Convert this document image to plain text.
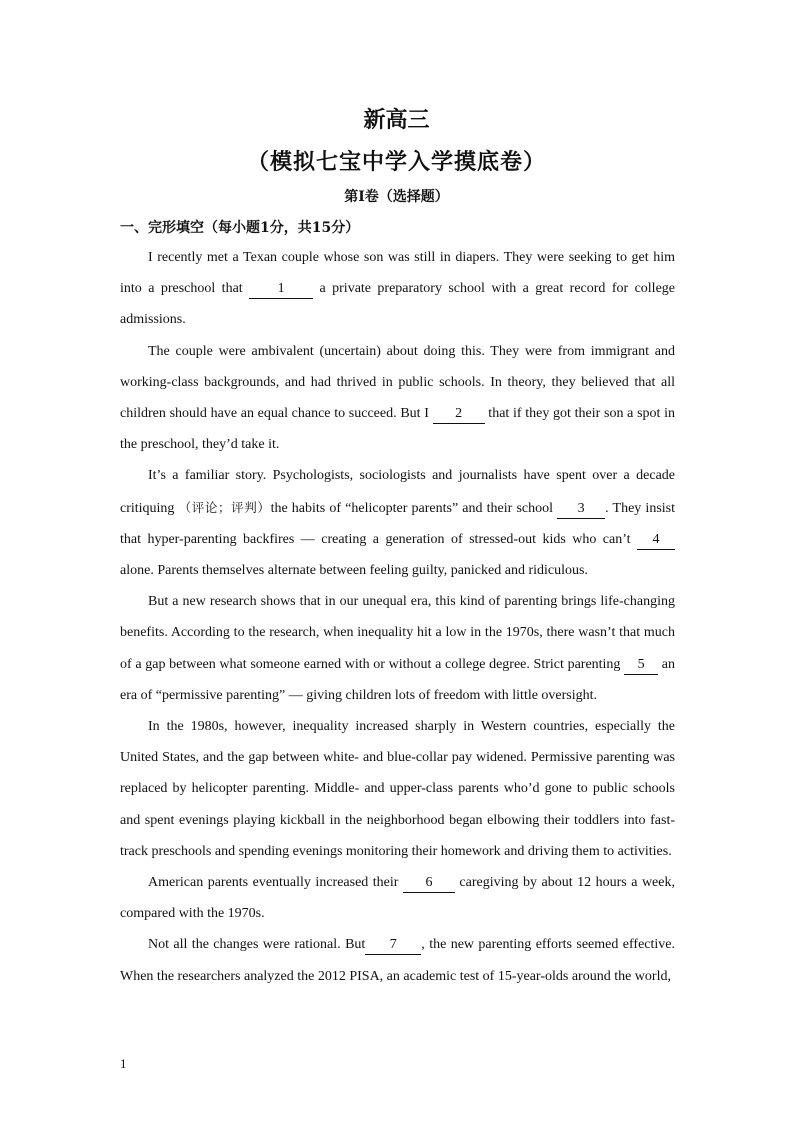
新高三
（模拟七宝中学入学摸底卷）
第I卷（选择题）
一、完形填空（每小题1分，共15分）

I recently met a Texan couple whose son was still in diapers. They were seeking to get him into a preschool that 1 a private preparatory school with a great record for college admissions.

The couple were ambivalent (uncertain) about doing this. They were from immigrant and working-class backgrounds, and had thrived in public schools. In theory, they believed that all children should have an equal chance to succeed. But I 2 that if they got their son a spot in the preschool, they’d take it.

It’s a familiar story. Psychologists, sociologists and journalists have spent over a decade critiquing （评论；评判）the habits of “helicopter parents” and their school 3 . They insist that hyper-parenting backfires — creating a generation of stressed-out kids who can’t 4 alone. Parents themselves alternate between feeling guilty, panicked and ridiculous.

But a new research shows that in our unequal era, this kind of parenting brings life-changing benefits. According to the research, when inequality hit a low in the 1970s, there wasn’t that much of a gap between what someone earned with or without a college degree. Strict parenting 5 an era of “permissive parenting” — giving children lots of freedom with little oversight.

In the 1980s, however, inequality increased sharply in Western countries, especially the United States, and the gap between white- and blue-collar pay widened. Permissive parenting was replaced by helicopter parenting. Middle- and upper-class parents who’d gone to public schools and spent evenings playing kickball in the neighborhood began elbowing their toddlers into fast-track preschools and spending evenings monitoring their homework and driving them to activities.

American parents eventually increased their 6 caregiving by about 12 hours a week, compared with the 1970s.

Not all the changes were rational. But 7 , the new parenting efforts seemed effective. When the researchers analyzed the 2012 PISA, an academic test of 15-year-olds around the world,

1
